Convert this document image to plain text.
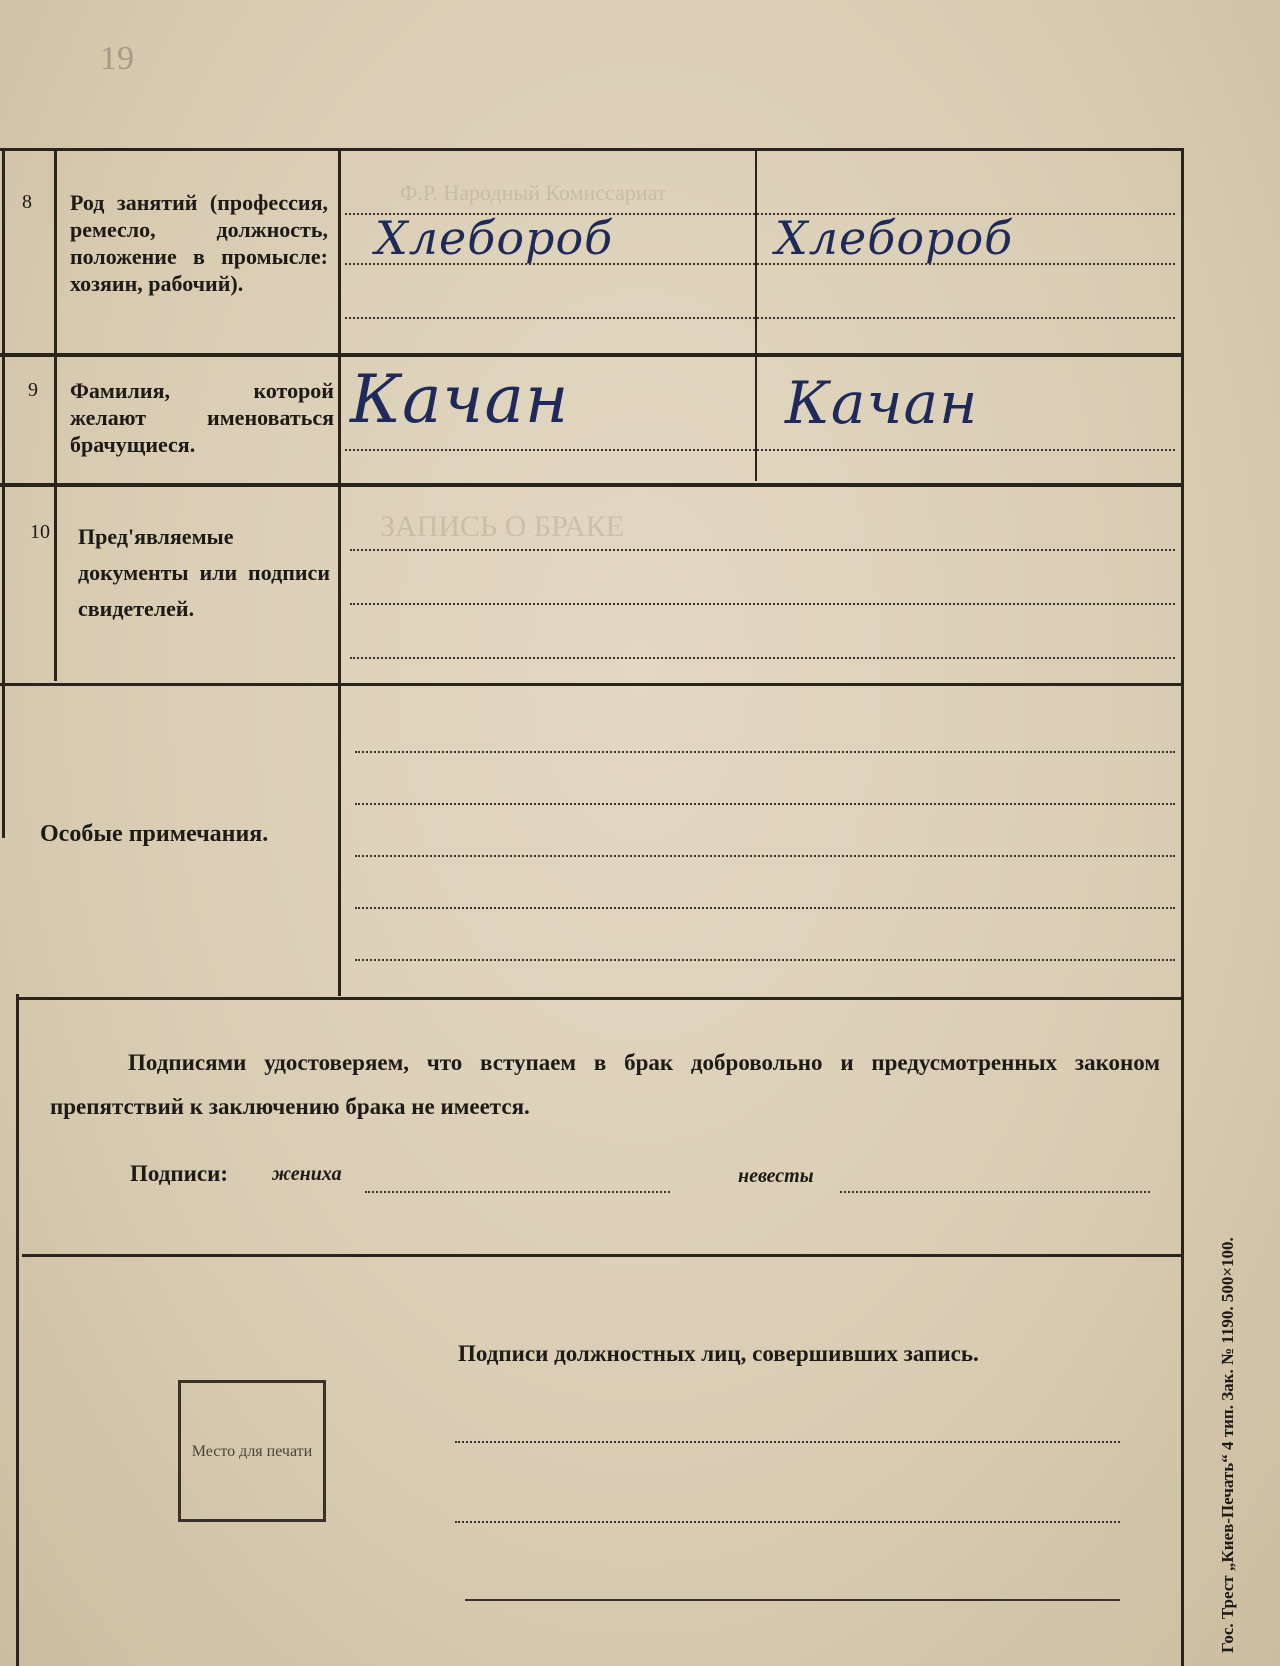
Ф.Р. Народный Комиссариат
ЗАПИСЬ О БРАКЕ
19
8 Род занятий (профессия, ремесло, должность, положение в промысле: хозяин, рабочий).
Хлебороб	Хлебороб
9 Фамилия, которой желают именоваться брачущиеся.
Качан	Качан
10 Пред'являемые документы или подписи свидетелей.
Особые примечания.
Подписями удостоверяем, что вступаем в брак добровольно и предусмотренных законом препятствий к заключению брака не имеется.
Подписи: жениха	невесты
Подписи должностных лиц, совершивших запись.
Место для печати	Гос. Трест „Киев-Печать“ 4 тип. Зак. № 1190. 500×100.
